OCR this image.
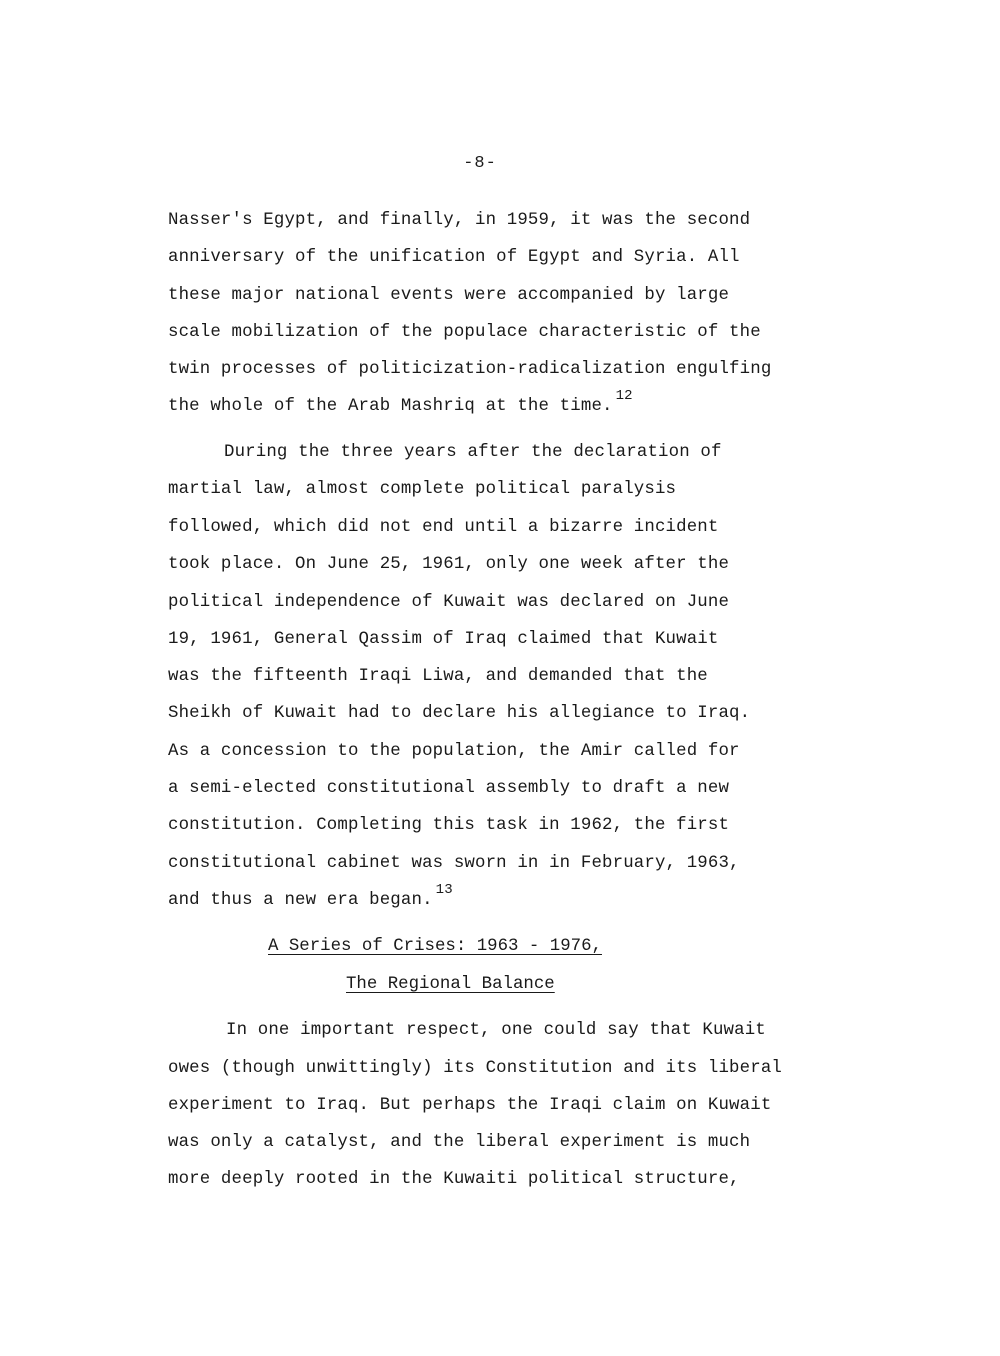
-8-
Nasser's Egypt, and finally, in 1959, it was the second
anniversary of the unification of Egypt and Syria. All
these major national events were accompanied by large
scale mobilization of the populace characteristic of the
twin processes of politicization-radicalization engulfing
the whole of the Arab Mashriq at the time.$^{12}$
During the three years after the declaration of
martial law, almost complete political paralysis
followed, which did not end until a bizarre incident
took place. On June 25, 1961, only one week after the
political independence of Kuwait was declared on June
19, 1961, General Qassim of Iraq claimed that Kuwait
was the fifteenth Iraqi Liwa, and demanded that the
Sheikh of Kuwait had to declare his allegiance to Iraq.
As a concession to the population, the Amir called for
a semi-elected constitutional assembly to draft a new
constitution. Completing this task in 1962, the first
constitutional cabinet was sworn in in February, 1963,
and thus a new era began.$^{13}$
A Series of Crises: 1963 - 1976,
The Regional Balance
In one important respect, one could say that Kuwait
owes (though unwittingly) its Constitution and its liberal
experiment to Iraq. But perhaps the Iraqi claim on Kuwait
was only a catalyst, and the liberal experiment is much
more deeply rooted in the Kuwaiti political structure,
